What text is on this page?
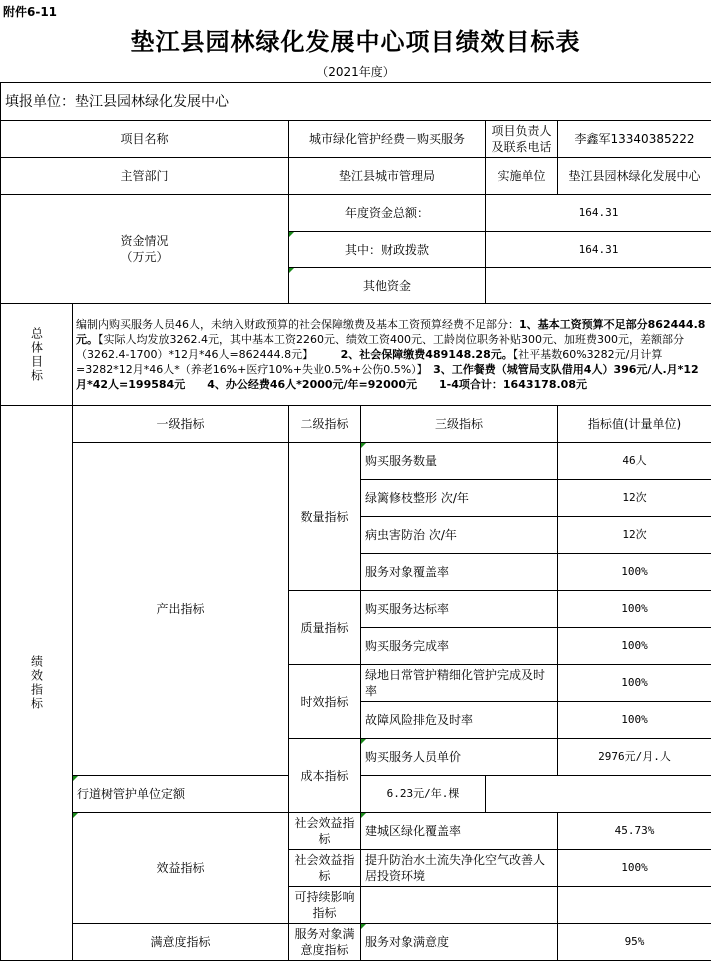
附件6-11
垫江县园林绿化发展中心项目绩效目标表
（2021年度）
填报单位：垫江县园林绿化发展中心					
项目名称		城市绿化管护经费－购买服务		项目负责人及联系电话	李鑫军13340385222
主管部门		垫江县城市管理局		实施单位	垫江县园林绿化发展中心
资金情况（万元）		年度资金总额：		164.31	
		其中：财政拨款		164.31	
		其他资金			
总体目标	编制内购买服务人员46人，未纳入财政预算的社会保障缴费及基本工资预算经费不足部分：1、基本工资预算不足部分862444.8元。【实际人均发放3262.4元，其中基本工资2260元、绩效工资400元、工龄岗位职务补贴300元、加班费300元，差额部分（3262.4-1700）*12月*46人=862444.8元】　　　 2、社会保障缴费489148.28元。【社平基数60%3282元/月计算=3282*12月*46人*（养老16%+医疗10%+失业0.5%+公伤0.5%）】　 3、工作餐费（城管局支队借用4人）396元/人.月*12月*42人=199584元　　4、办公经费46人*2000元/年=92000元　　1-4项合计：1643178.08元				
绩效指标	一级指标	二级指标	三级指标		指标值(计量单位)
	产出指标	数量指标	购买服务数量		46人
			绿篱修枝整形 次/年		12次
			病虫害防治 次/年		12次
			服务对象覆盖率		100%
		质量指标	购买服务达标率		100%
			购买服务完成率		100%
		时效指标	绿地日常管护精细化管护完成及时率		100%
			故障风险排危及时率		100%
		成本指标	购买服务人员单价		2976元/月.人
	行道树管护单位定额		6.23元/年.棵		
	效益指标	社会效益指标	建城区绿化覆盖率		45.73%
		社会效益指标	提升防治水土流失净化空气改善人居投资环境		100%
		可持续影响指标			
	满意度指标	服务对象满意度指标	服务对象满意度		95%
